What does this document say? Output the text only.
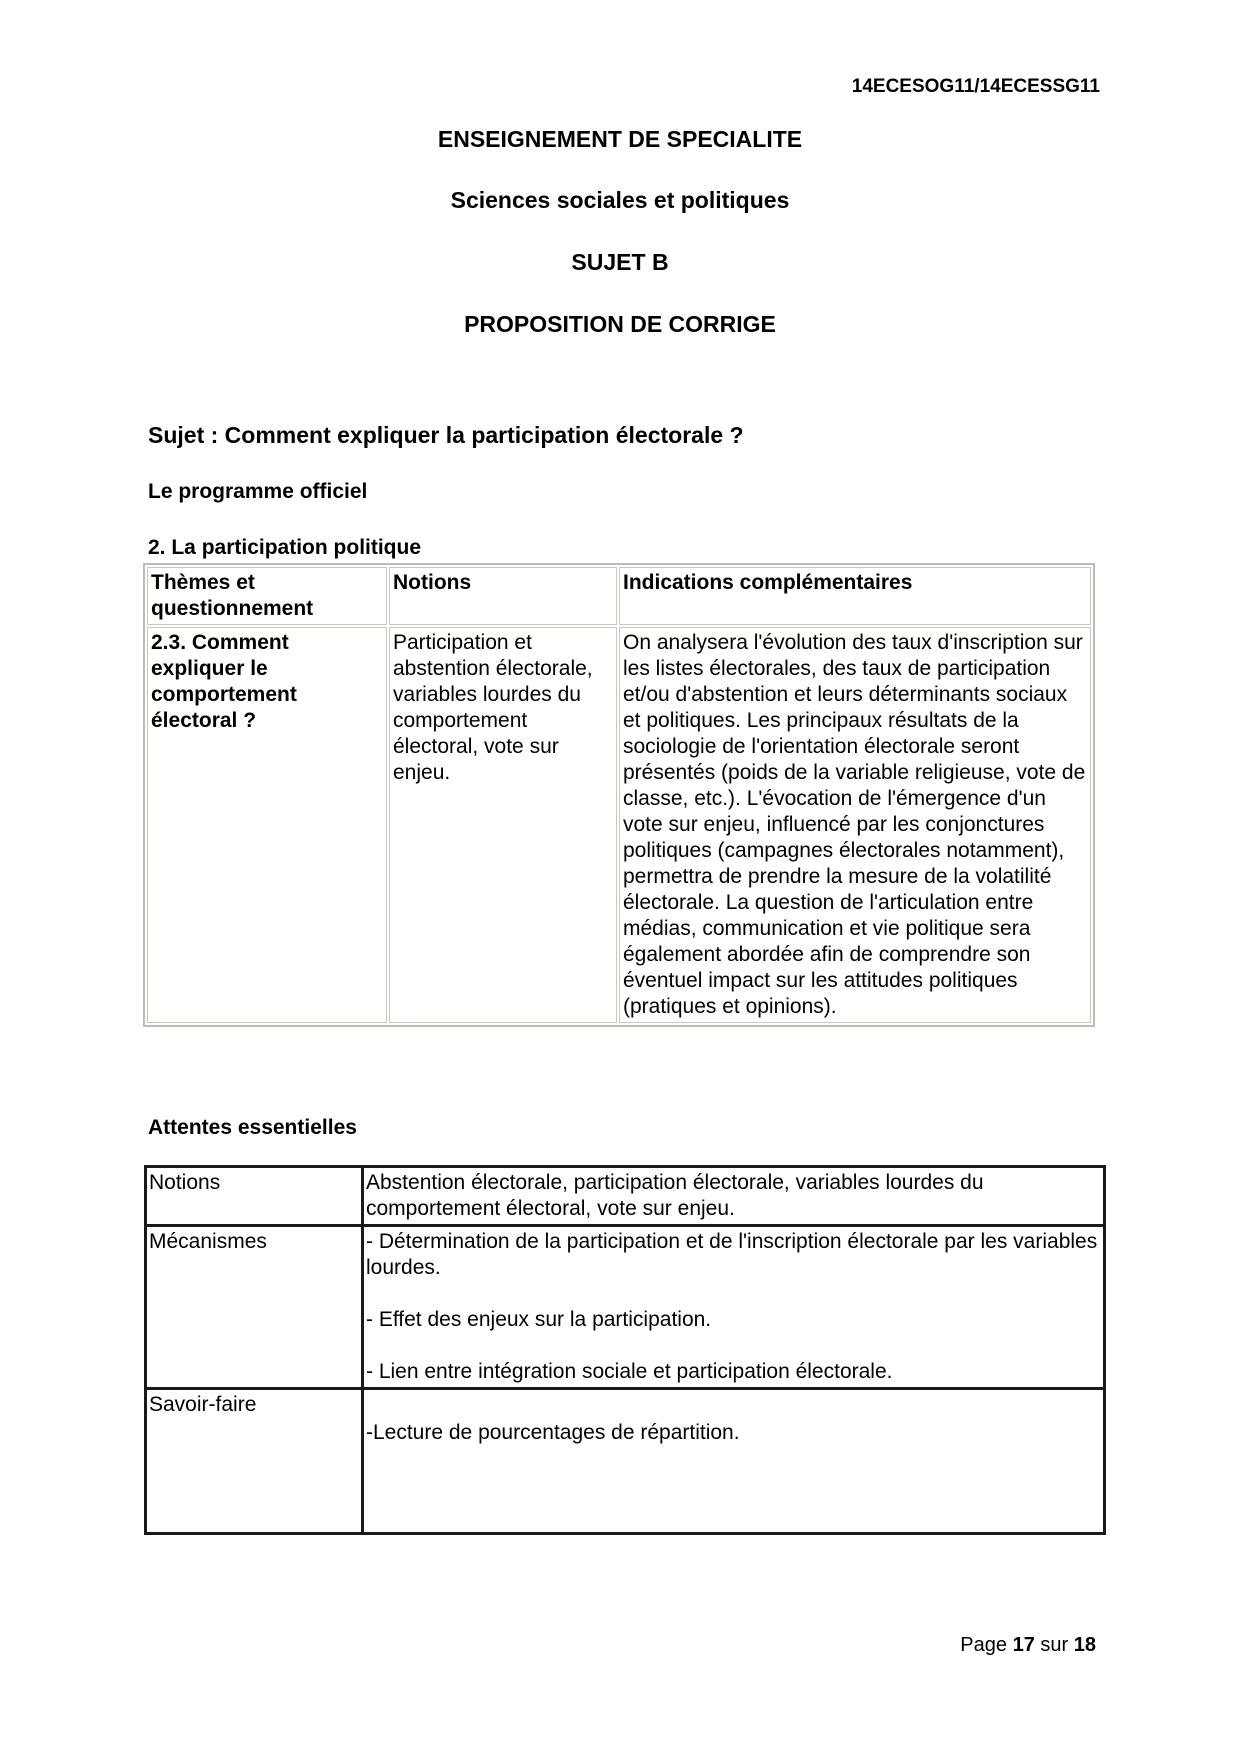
14ECESOG11/14ECESSG11
ENSEIGNEMENT DE SPECIALITE
Sciences sociales et politiques
SUJET B
PROPOSITION DE CORRIGE
Sujet : Comment expliquer la participation électorale ?
Le programme officiel
2. La participation politique
Thèmes et questionnement	Notions	Indications complémentaires
2.3. Comment expliquer le comportement électoral ?	Participation et abstention électorale, variables lourdes du comportement électoral, vote sur enjeu.	On analysera l'évolution des taux d'inscription sur les listes électorales, des taux de participation et/ou d'abstention et leurs déterminants sociaux et politiques. Les principaux résultats de la sociologie de l'orientation électorale seront présentés (poids de la variable religieuse, vote de classe, etc.). L'évocation de l'émergence d'un vote sur enjeu, influencé par les conjonctures politiques (campagnes électorales notamment), permettra de prendre la mesure de la volatilité électorale. La question de l'articulation entre médias, communication et vie politique sera également abordée afin de comprendre son éventuel impact sur les attitudes politiques (pratiques et opinions).
Attentes essentielles
Notions	Abstention électorale, participation électorale, variables lourdes du comportement électoral, vote sur enjeu.

Mécanismes	- Détermination de la participation et de l'inscription électorale par les variables lourdes.

- Effet des enjeux sur la participation.

- Lien entre intégration sociale et participation électorale.

Savoir-faire	-Lecture de pourcentages de répartition.

Page 17 sur 18
